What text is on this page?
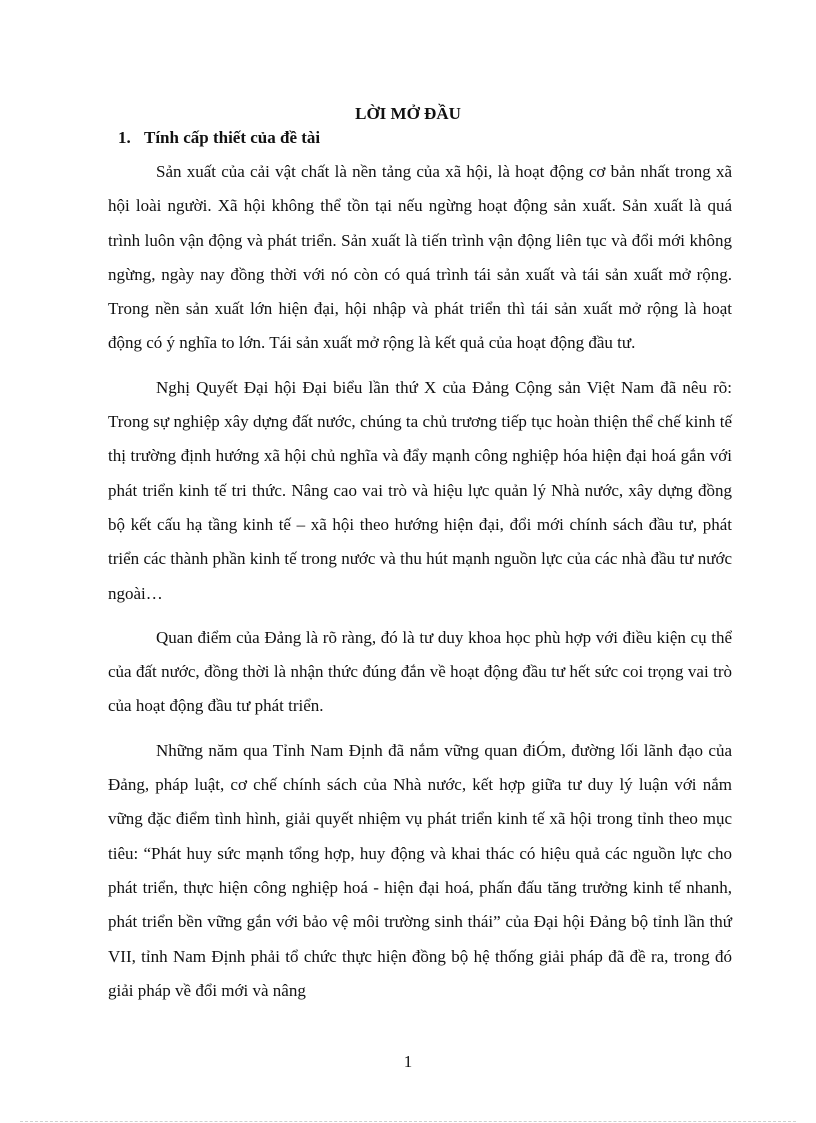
LỜI MỞ ĐẦU
1. Tính cấp thiết của đề tài

Sản xuất của cải vật chất là nền tảng của xã hội, là hoạt động cơ bản nhất trong xã hội loài người. Xã hội không thể tồn tại nếu ngừng hoạt động sản xuất. Sản xuất là quá trình luôn vận động và phát triển. Sản xuất là tiến trình vận động liên tục và đổi mới không ngừng, ngày nay đồng thời với nó còn có quá trình tái sản xuất và tái sản xuất mở rộng. Trong nền sản xuất lớn hiện đại, hội nhập và phát triển thì tái sản xuất mở rộng là hoạt động có ý nghĩa to lớn. Tái sản xuất mở rộng là kết quả của hoạt động đầu tư.

Nghị Quyết Đại hội Đại biểu lần thứ X của Đảng Cộng sản Việt Nam đã nêu rõ: Trong sự nghiệp xây dựng đất nước, chúng ta chủ trương tiếp tục hoàn thiện thể chế kinh tế thị trường định hướng xã hội chủ nghĩa và đẩy mạnh công nghiệp hóa hiện đại hoá gắn với phát triển kinh tế tri thức. Nâng cao vai trò và hiệu lực quản lý Nhà nước, xây dựng đồng bộ kết cấu hạ tầng kinh tế – xã hội theo hướng hiện đại, đổi mới chính sách đầu tư, phát triển các thành phần kinh tế trong nước và thu hút mạnh nguồn lực của các nhà đầu tư nước ngoài…

Quan điểm của Đảng là rõ ràng, đó là tư duy khoa học phù hợp với điều kiện cụ thể của đất nước, đồng thời là nhận thức đúng đắn về hoạt động đầu tư hết sức coi trọng vai trò của hoạt động đầu tư phát triển.

Những năm qua Tỉnh Nam Định đã nắm vững quan điÓm, đường lối lãnh đạo của Đảng, pháp luật, cơ chế chính sách của Nhà nước, kết hợp giữa tư duy lý luận với nắm vững đặc điểm tình hình, giải quyết nhiệm vụ phát triển kinh tế xã hội trong tỉnh theo mục tiêu: “Phát huy sức mạnh tổng hợp, huy động và khai thác có hiệu quả các nguồn lực cho phát triển, thực hiện công nghiệp hoá - hiện đại hoá, phấn đấu tăng trưởng kinh tế nhanh, phát triển bền vững gắn với bảo vệ môi trường sinh thái” của Đại hội Đảng bộ tỉnh lần thứ VII, tỉnh Nam Định phải tổ chức thực hiện đồng bộ hệ thống giải pháp đã đề ra, trong đó giải pháp về đổi mới và nâng

1
